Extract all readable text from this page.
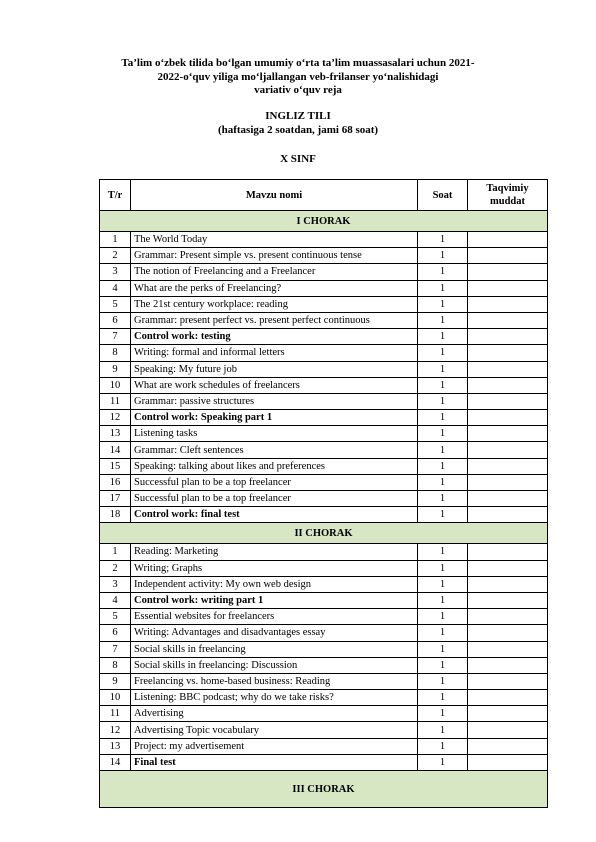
Ta’lim o‘zbek tilida bo‘lgan umumiy o‘rta ta’lim muassasalari uchun 2021-
2022-o‘quv yiliga mo‘ljallangan veb-frilanser yo‘nalishidagi
variativ o‘quv reja
INGLIZ TILI
(haftasiga 2 soatdan, jami 68 soat)
X SINF
T/r	Mavzu nomi	Soat	Taqvimiy muddat
I CHORAK			
1	The World Today	1	
2	Grammar: Present simple vs. present continuous tense	1	
3	The notion of Freelancing and a Freelancer	1	
4	What are the perks of Freelancing?	1	
5	The 21st century workplace: reading	1	
6	Grammar: present perfect vs. present perfect continuous	1	
7	Control work: testing	1	
8	Writing: formal and informal letters	1	
9	Speaking: My future job	1	
10	What are work schedules of freelancers	1	
11	Grammar: passive structures	1	
12	Control work: Speaking part 1	1	
13	Listening tasks	1	
14	Grammar: Cleft sentences	1	
15	Speaking: talking about likes and preferences	1	
16	Successful plan to be a top freelancer	1	
17	Successful plan to be a top freelancer	1	
18	Control work: final test	1	
II CHORAK			
1	Reading: Marketing	1	
2	Writing; Graphs	1	
3	Independent activity: My own web design	1	
4	Control work: writing part 1	1	
5	Essential websites for freelancers	1	
6	Writing: Advantages and disadvantages essay	1	
7	Social skills in freelancing	1	
8	Social skills in freelancing: Discussion	1	
9	Freelancing vs. home-based business: Reading	1	
10	Listening: BBC podcast; why do we take risks?	1	
11	Advertising	1	
12	Advertising Topic vocabulary	1	
13	Project: my advertisement	1	
14	Final test	1	
III CHORAK			
